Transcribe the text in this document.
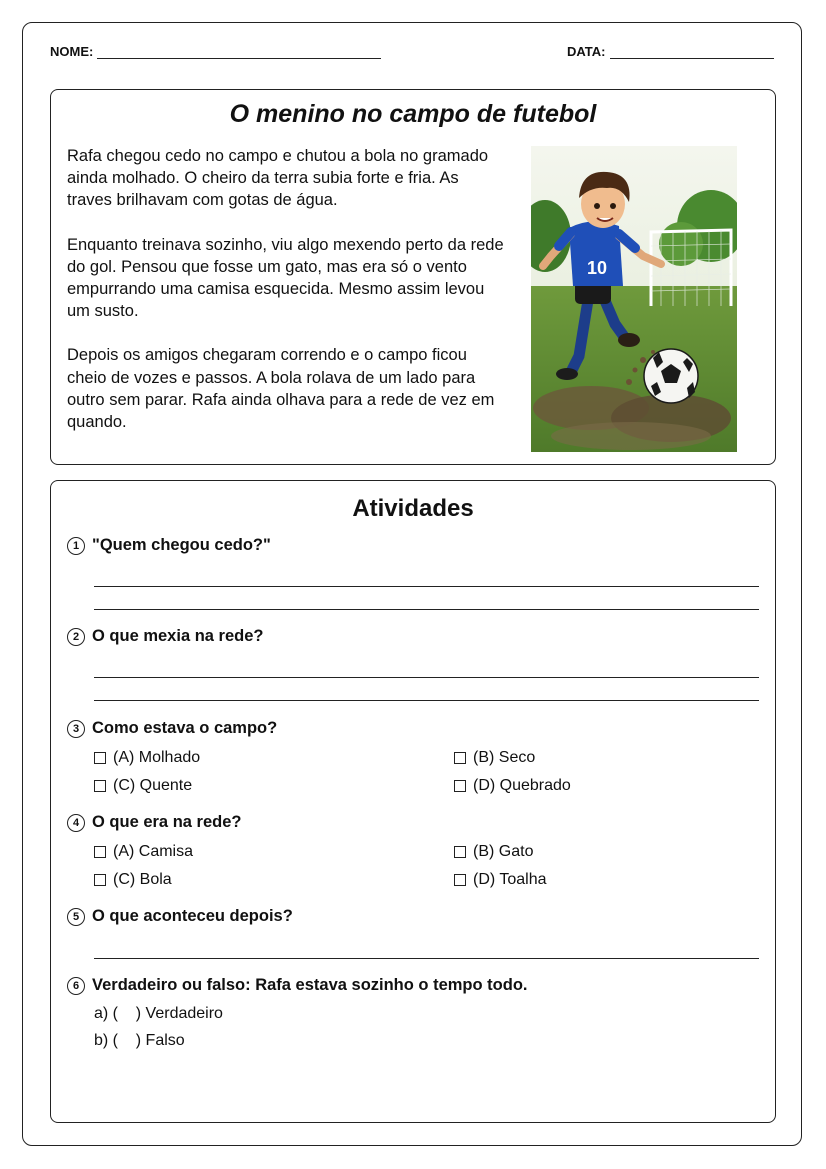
NOME:	DATA:
O menino no campo de futebol

Rafa chegou cedo no campo e chutou a bola no gramado ainda molhado. O cheiro da terra subia forte e fria. As traves brilhavam com gotas de água.

Enquanto treinava sozinho, viu algo mexendo perto da rede do gol. Pensou que fosse um gato, mas era só o vento empurrando uma camisa esquecida. Mesmo assim levou um susto.

Depois os amigos chegaram correndo e o campo ficou cheio de vozes e passos. A bola rolava de um lado para outro sem parar. Rafa ainda olhava para a rede de vez em quando.

10
Atividades
1 "Quem chegou cedo?"
2 O que mexia na rede?
3 Como estava o campo?
(A) Molhado	(B) Seco
(C) Quente	(D) Quebrado
4 O que era na rede?
(A) Camisa	(B) Gato
(C) Bola	(D) Toalha
5 O que aconteceu depois?
6 Verdadeiro ou falso: Rafa estava sozinho o tempo todo.
a) (    ) Verdadeiro
b) (    ) Falso
